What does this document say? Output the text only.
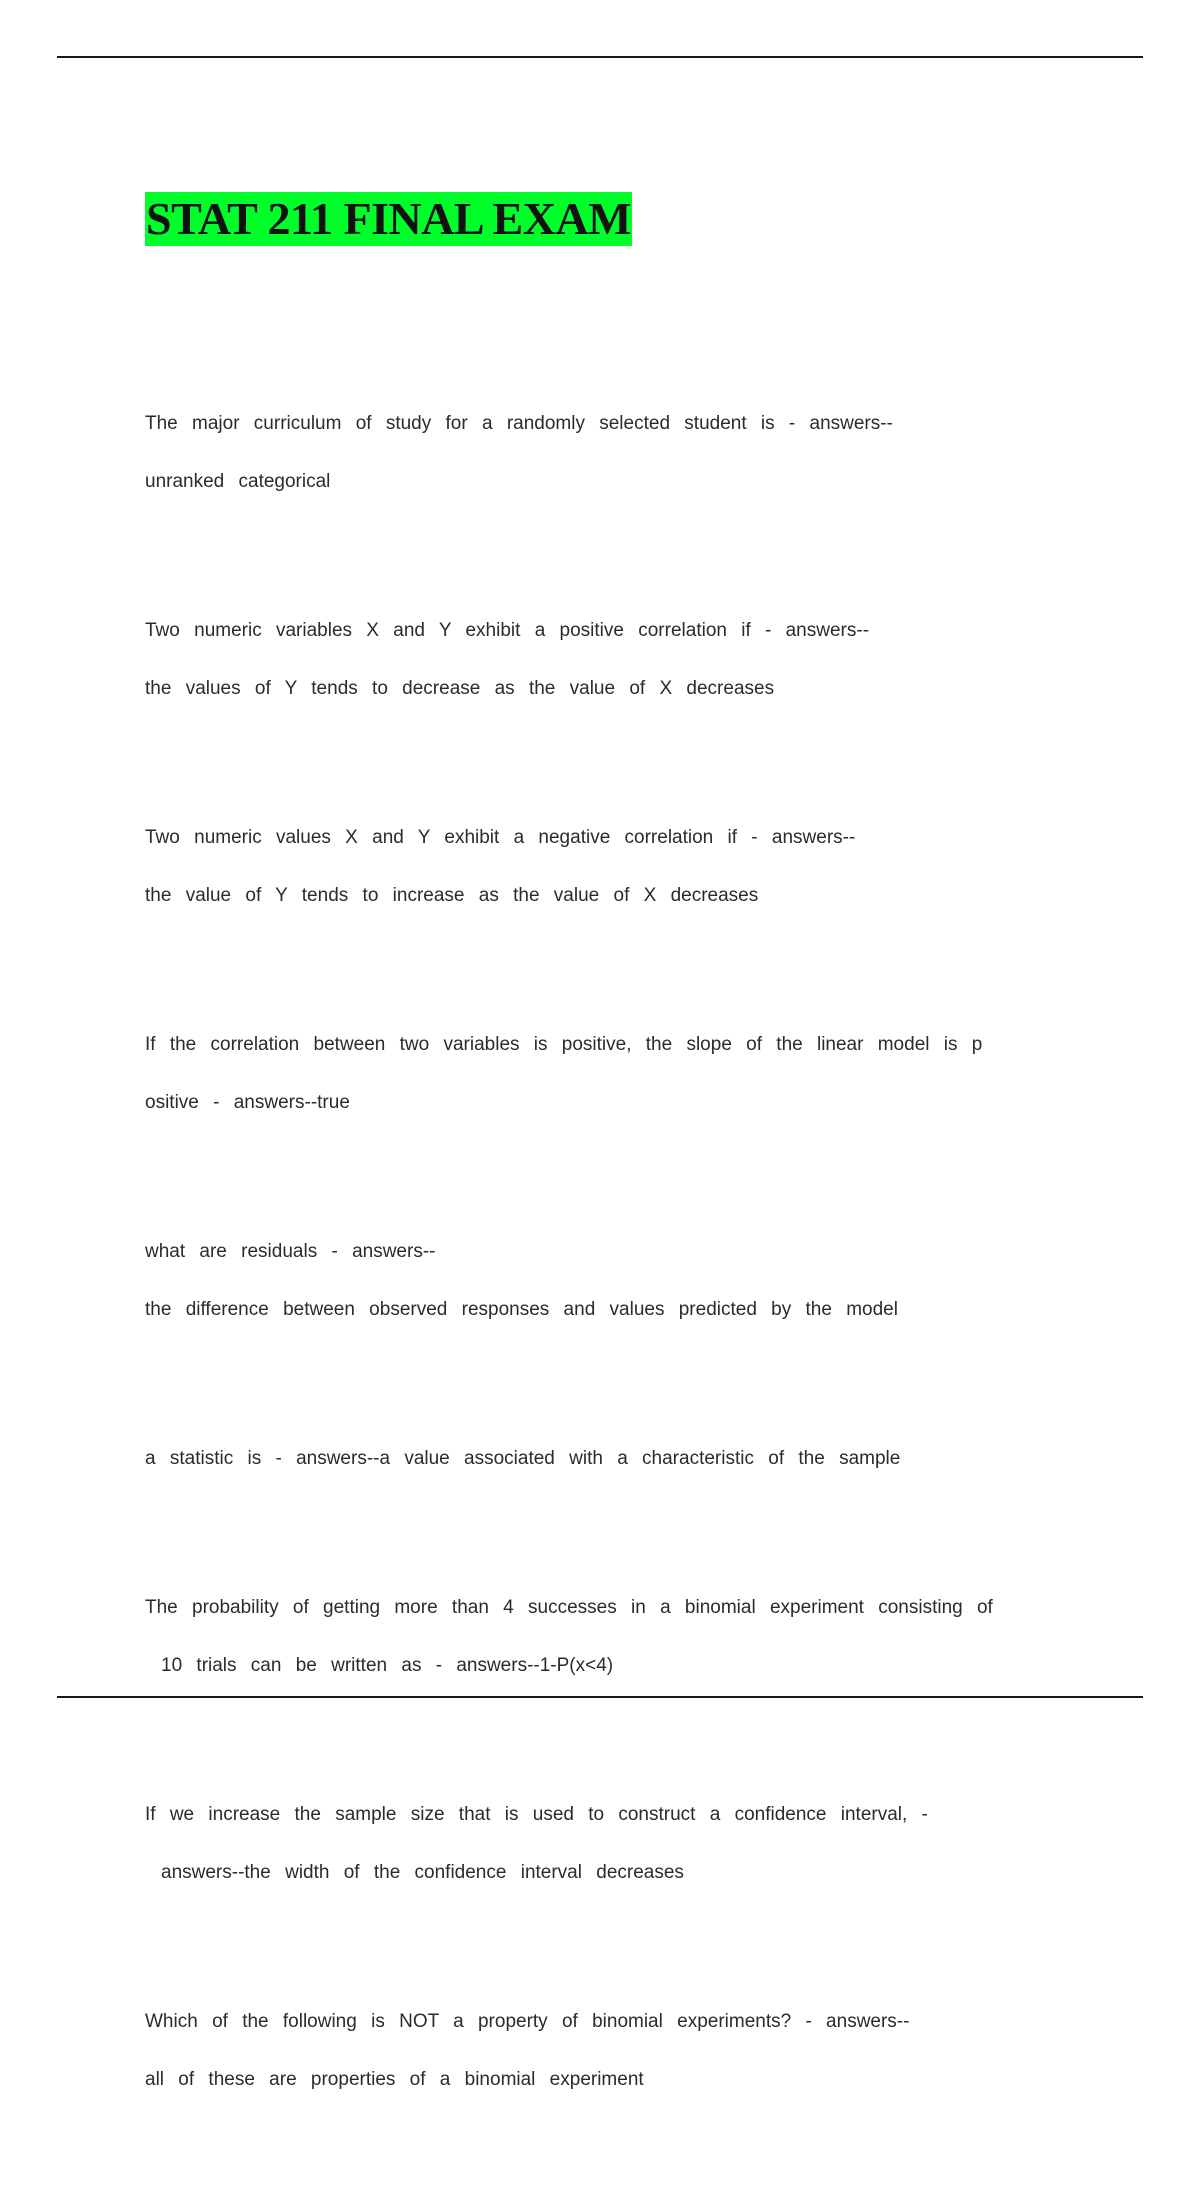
STAT 211 FINAL EXAM

The major curriculum of study for a randomly selected student is - answers--

unranked categorical

Two numeric variables X and Y exhibit a positive correlation if - answers--

the values of Y tends to decrease as the value of X decreases

Two numeric values X and Y exhibit a negative correlation if - answers--

the value of Y tends to increase as the value of X decreases

If the correlation between two variables is positive, the slope of the linear model is p

ositive - answers--true

what are residuals - answers--

the difference between observed responses and values predicted by the model

a statistic is - answers--a value associated with a characteristic of the sample

The probability of getting more than 4 successes in a binomial experiment consisting of

10 trials can be written as - answers--1-P(x<4)

If we increase the sample size that is used to construct a confidence interval, -

answers--the width of the confidence interval decreases

Which of the following is NOT a property of binomial experiments? - answers--

all of these are properties of a binomial experiment
